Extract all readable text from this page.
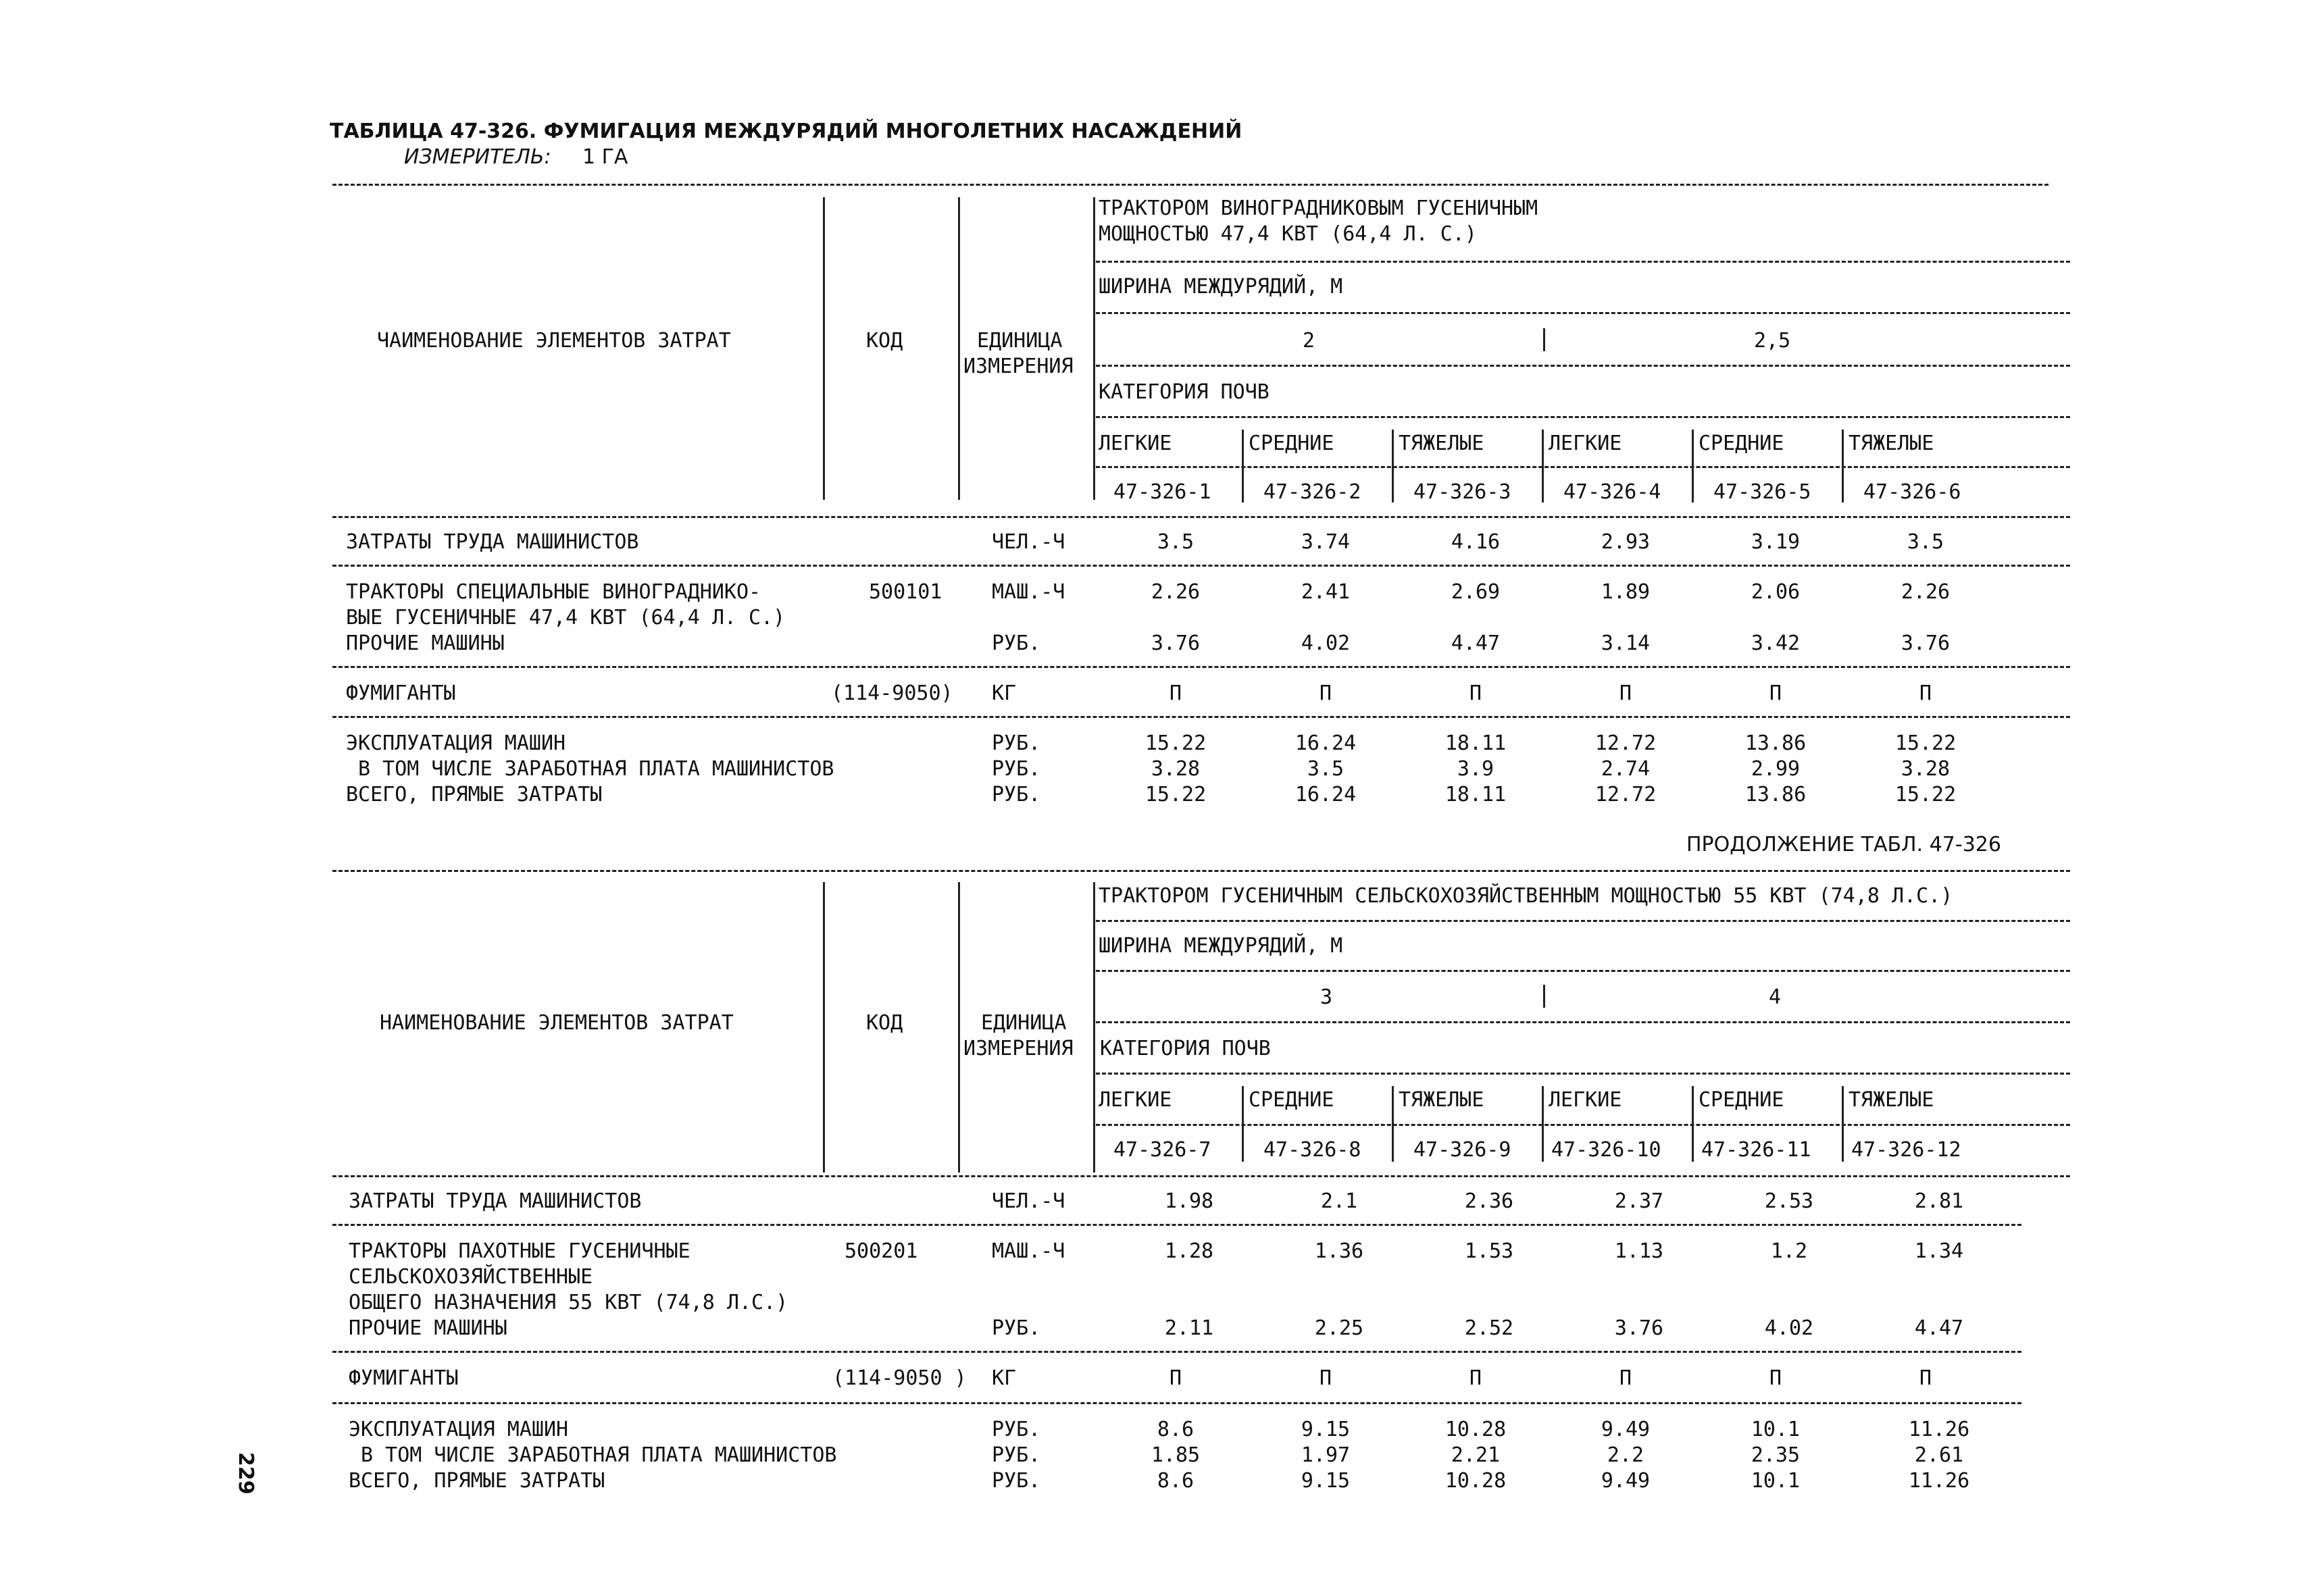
ТАБЛИЦА 47-326. ФУМИГАЦИЯ МЕЖДУРЯДИЙ МНОГОЛЕТНИХ НАСАЖДЕНИЙ
ИЗМЕРИТЕЛЬ: 1 ГА
ТРАКТОРОМ ВИНОГРАДНИКОВЫМ ГУСЕНИЧНЫМ
МОЩНОСТЬЮ 47,4 КВТ (64,4 Л. С.)
ШИРИНА МЕЖДУРЯДИЙ, М
ЧАИМЕНОВАНИЕ ЭЛЕМЕНТОВ ЗАТРАТ	КОД	ЕДИНИЦА
ИЗМЕРЕНИЯ
2	2,5
КАТЕГОРИЯ ПОЧВ
ЛЕГКИЕ	СРЕДНИЕ	ТЯЖЕЛЫЕ	ЛЕГКИЕ	СРЕДНИЕ	ТЯЖЕЛЫЕ
47-326-1	47-326-2	47-326-3	47-326-4	47-326-5	47-326-6
ЗАТРАТЫ ТРУДА МАШИНИСТОВ	ЧЕЛ.-Ч	3.5	3.74	4.16	2.93	3.19	3.5
ТРАКТОРЫ СПЕЦИАЛЬНЫЕ ВИНОГРАДНИКО-	500101 МАШ.-Ч	2.26	2.41	2.69	1.89	2.06	2.26
ВЫЕ ГУСЕНИЧНЫЕ 47,4 КВТ (64,4 Л. С.)
ПРОЧИЕ МАШИНЫ	РУБ.	3.76	4.02	4.47	3.14	3.42	3.76
ФУМИГАНТЫ	(114-9050) КГ	П	П	П	П	П	П
ЭКСПЛУАТАЦИЯ МАШИН	РУБ.	15.22	16.24	18.11	12.72	13.86	15.22
В ТОМ ЧИСЛЕ ЗАРАБОТНАЯ ПЛАТА МАШИНИСТОВ	РУБ.	3.28	3.5	3.9	2.74	2.99	3.28
ВСЕГО, ПРЯМЫЕ ЗАТРАТЫ	РУБ.	15.22	16.24	18.11	12.72	13.86	15.22
ПРОДОЛЖЕНИЕ ТАБЛ. 47-326
ТРАКТОРОМ ГУСЕНИЧНЫМ СЕЛЬСКОХОЗЯЙСТВЕННЫМ МОЩНОСТЬЮ 55 КВТ (74,8 Л.С.)
ШИРИНА МЕЖДУРЯДИЙ, М
3	4
НАИМЕНОВАНИЕ ЭЛЕМЕНТОВ ЗАТРАТ	КОД	ЕДИНИЦА
ИЗМЕРЕНИЯ КАТЕГОРИЯ ПОЧВ
ЛЕГКИЕ	СРЕДНИЕ	ТЯЖЕЛЫЕ	ЛЕГКИЕ	СРЕДНИЕ	ТЯЖЕЛЫЕ
47-326-7	47-326-8	47-326-9 47-326-10 47-326-11 47-326-12
ЗАТРАТЫ ТРУДА МАШИНИСТОВ	ЧЕЛ.-Ч	1.98	2.1	2.36	2.37	2.53	2.81
ТРАКТОРЫ ПАХОТНЫЕ ГУСЕНИЧНЫЕ	500201	МАШ.-Ч	1.28	1.36	1.53	1.13	1.2	1.34
СЕЛЬСКОХОЗЯЙСТВЕННЫЕ
ОБЩЕГО НАЗНАЧЕНИЯ 55 КВТ (74,8 Л.С.)
ПРОЧИЕ МАШИНЫ	РУБ.	2.11	2.25	2.52	3.76	4.02	4.47
ФУМИГАНТЫ	(114-9050 ) КГ	П	П	П	П	П	П
ЭКСПЛУАТАЦИЯ МАШИН	РУБ.	8.6	9.15	10.28	9.49	10.1	11.26
В ТОМ ЧИСЛЕ ЗАРАБОТНАЯ ПЛАТА МАШИНИСТОВ	РУБ.	1.85	1.97	2.21	2.2	2.35	2.61
ВСЕГО, ПРЯМЫЕ ЗАТРАТЫ	РУБ.	8.6	9.15	10.28	9.49	10.1	11.26
229
